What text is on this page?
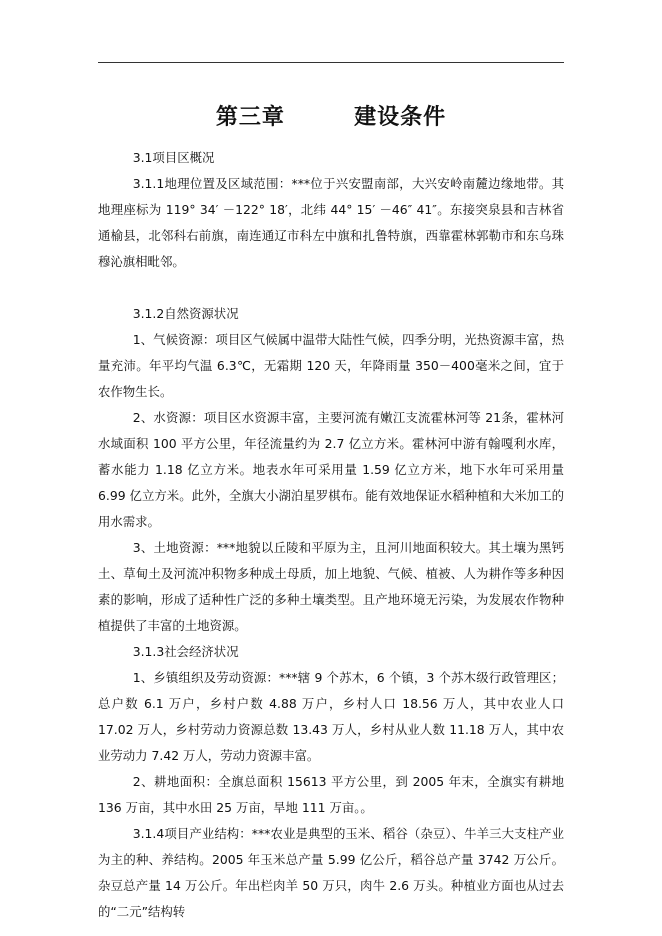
第三章	建设条件

3.1项目区概况

3.1.1地理位置及区域范围：***位于兴安盟南部，大兴安岭南麓边缘地带。其地理座标为 119° 34′ －122° 18′，北纬 44° 15′ －46″ 41″。东接突泉县和吉林省通榆县，北邻科右前旗，南连通辽市科左中旗和扎鲁特旗，西靠霍林郭勒市和东乌珠穆沁旗相毗邻。

3.1.2自然资源状况

1、气候资源：项目区气候属中温带大陆性气候，四季分明，光热资源丰富，热量充沛。年平均气温 6.3℃，无霜期 120 天，年降雨量 350－400毫米之间，宜于农作物生长。

2、水资源：项目区水资源丰富，主要河流有嫩江支流霍林河等 21条，霍林河水域面积 100 平方公里，年径流量约为 2.7 亿立方米。霍林河中游有翰嘎利水库，蓄水能力 1.18 亿立方米。地表水年可采用量 1.59 亿立方米，地下水年可采用量 6.99 亿立方米。此外，全旗大小湖泊星罗棋布。能有效地保证水稻种植和大米加工的用水需求。

3、土地资源：***地貌以丘陵和平原为主，且河川地面积较大。其土壤为黑钙土、草甸土及河流冲积物多种成土母质，加上地貌、气候、植被、人为耕作等多种因素的影响，形成了适种性广泛的多种土壤类型。且产地环境无污染，为发展农作物种植提供了丰富的土地资源。

3.1.3社会经济状况

1、乡镇组织及劳动资源：***辖 9 个苏木，6 个镇，3 个苏木级行政管理区；总户数 6.1 万户，乡村户数 4.88 万户，乡村人口 18.56 万人，其中农业人口 17.02 万人，乡村劳动力资源总数 13.43 万人，乡村从业人数 11.18 万人，其中农业劳动力 7.42 万人，劳动力资源丰富。

2、耕地面积：全旗总面积 15613 平方公里，到 2005 年末，全旗实有耕地 136 万亩，其中水田 25 万亩，旱地 111 万亩。。

3.1.4项目产业结构：***农业是典型的玉米、稻谷（杂豆）、牛羊三大支柱产业为主的种、养结构。2005 年玉米总产量 5.99 亿公斤，稻谷总产量 3742 万公斤。杂豆总产量 14 万公斤。年出栏肉羊 50 万只，肉牛 2.6 万头。种植业方面也从过去的“二元”结构转
